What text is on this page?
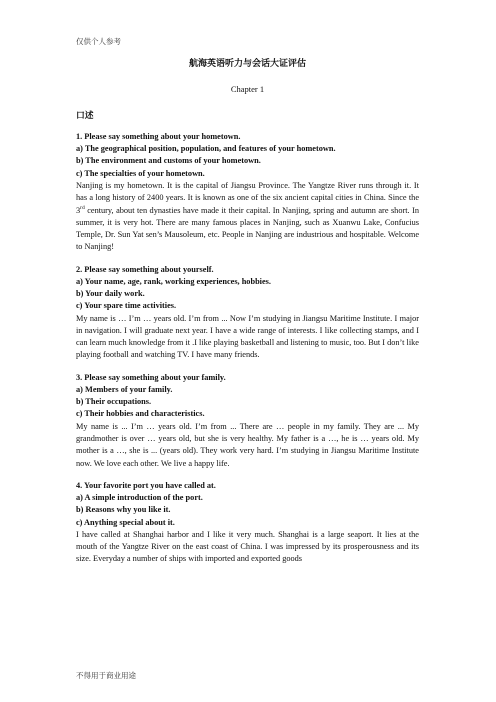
仅供个人参考
航海英语听力与会话大证评估
Chapter 1
口述

1. Please say something about your hometown.

a) The geographical position, population, and features of your hometown.

b) The environment and customs of your hometown.

c) The specialties of your hometown.

Nanjing is my hometown. It is the capital of Jiangsu Province. The Yangtze River runs through it. It has a long history of 2400 years. It is known as one of the six ancient capital cities in China. Since the 3rd century, about ten dynasties have made it their capital. In Nanjing, spring and autumn are short. In summer, it is very hot. There are many famous places in Nanjing, such as Xuanwu Lake, Confucius Temple, Dr. Sun Yat sen’s Mausoleum, etc. People in Nanjing are industrious and hospitable. Welcome to Nanjing!

2. Please say something about yourself.

a) Your name, age, rank, working experiences, hobbies.

b) Your daily work.

c) Your spare time activities.

My name is … I’m … years old. I’m from ... Now I’m studying in Jiangsu Maritime Institute. I major in navigation. I will graduate next year. I have a wide range of interests. I like collecting stamps, and I can learn much knowledge from it .I like playing basketball and listening to music, too. But I don’t like playing football and watching TV. I have many friends.

3. Please say something about your family.

a) Members of your family.

b) Their occupations.

c) Their hobbies and characteristics.

My name is ... I’m … years old. I’m from ... There are … people in my family. They are ... My grandmother is over … years old, but she is very healthy. My father is a …, he is … years old. My mother is a …, she is ... (years old). They work very hard. I’m studying in Jiangsu Maritime Institute now. We love each other. We live a happy life.

4. Your favorite port you have called at.

a) A simple introduction of the port.

b) Reasons why you like it.

c) Anything special about it.

I have called at Shanghai harbor and I like it very much. Shanghai is a large seaport. It lies at the mouth of the Yangtze River on the east coast of China. I was impressed by its prosperousness and its size. Everyday a number of ships with imported and exported goods

不得用于商业用途
